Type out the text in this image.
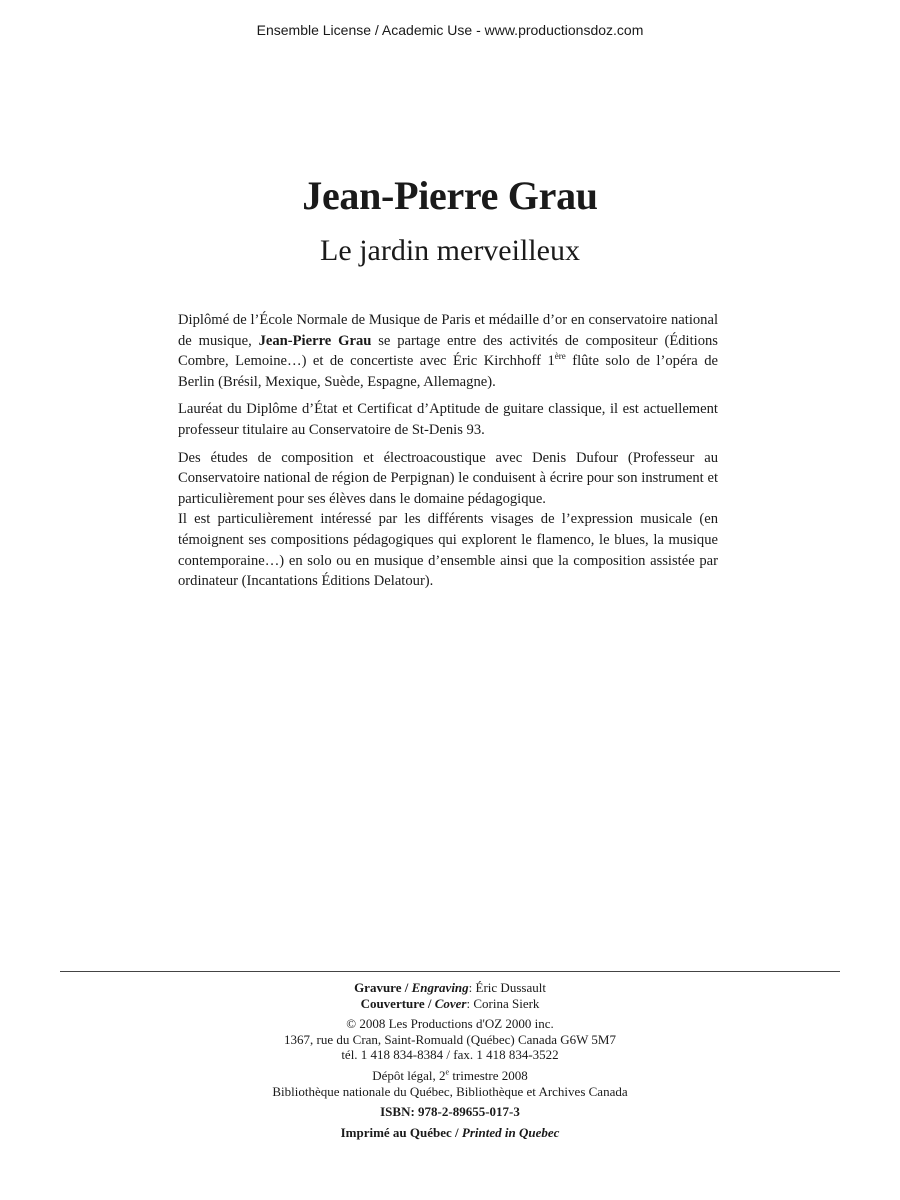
Ensemble License / Academic Use - www.productionsdoz.com
Jean-Pierre Grau
Le jardin merveilleux

Diplômé de l’École Normale de Musique de Paris et médaille d’or en conservatoire national de musique, Jean-Pierre Grau se partage entre des activités de compositeur (Éditions Combre, Lemoine…) et de concertiste avec Éric Kirchhoff 1ère flûte solo de l’opéra de Berlin (Brésil, Mexique, Suède, Espagne, Allemagne).

Lauréat du Diplôme d’État et Certificat d’Aptitude de guitare classique, il est actuellement professeur titulaire au Conservatoire de St-Denis 93.

Des études de composition et électroacoustique avec Denis Dufour (Professeur au Conservatoire national de région de Perpignan) le conduisent à écrire pour son instrument et particulièrement pour ses élèves dans le domaine pédagogique.

Il est particulièrement intéressé par les différents visages de l’expression musicale (en témoignent ses compositions pédagogiques qui explorent le flamenco, le blues, la musique contemporaine…) en solo ou en musique d’ensemble ainsi que la composition assistée par ordinateur (Incantations Éditions Delatour).

Gravure / Engraving: Éric Dussault
Couverture / Cover: Corina Sierk
© 2008 Les Productions d'OZ 2000 inc.
1367, rue du Cran, Saint-Romuald (Québec) Canada G6W 5M7
tél. 1 418 834-8384 / fax. 1 418 834-3522
Dépôt légal, 2e trimestre 2008
Bibliothèque nationale du Québec, Bibliothèque et Archives Canada
ISBN: 978-2-89655-017-3
Imprimé au Québec / Printed in Quebec
